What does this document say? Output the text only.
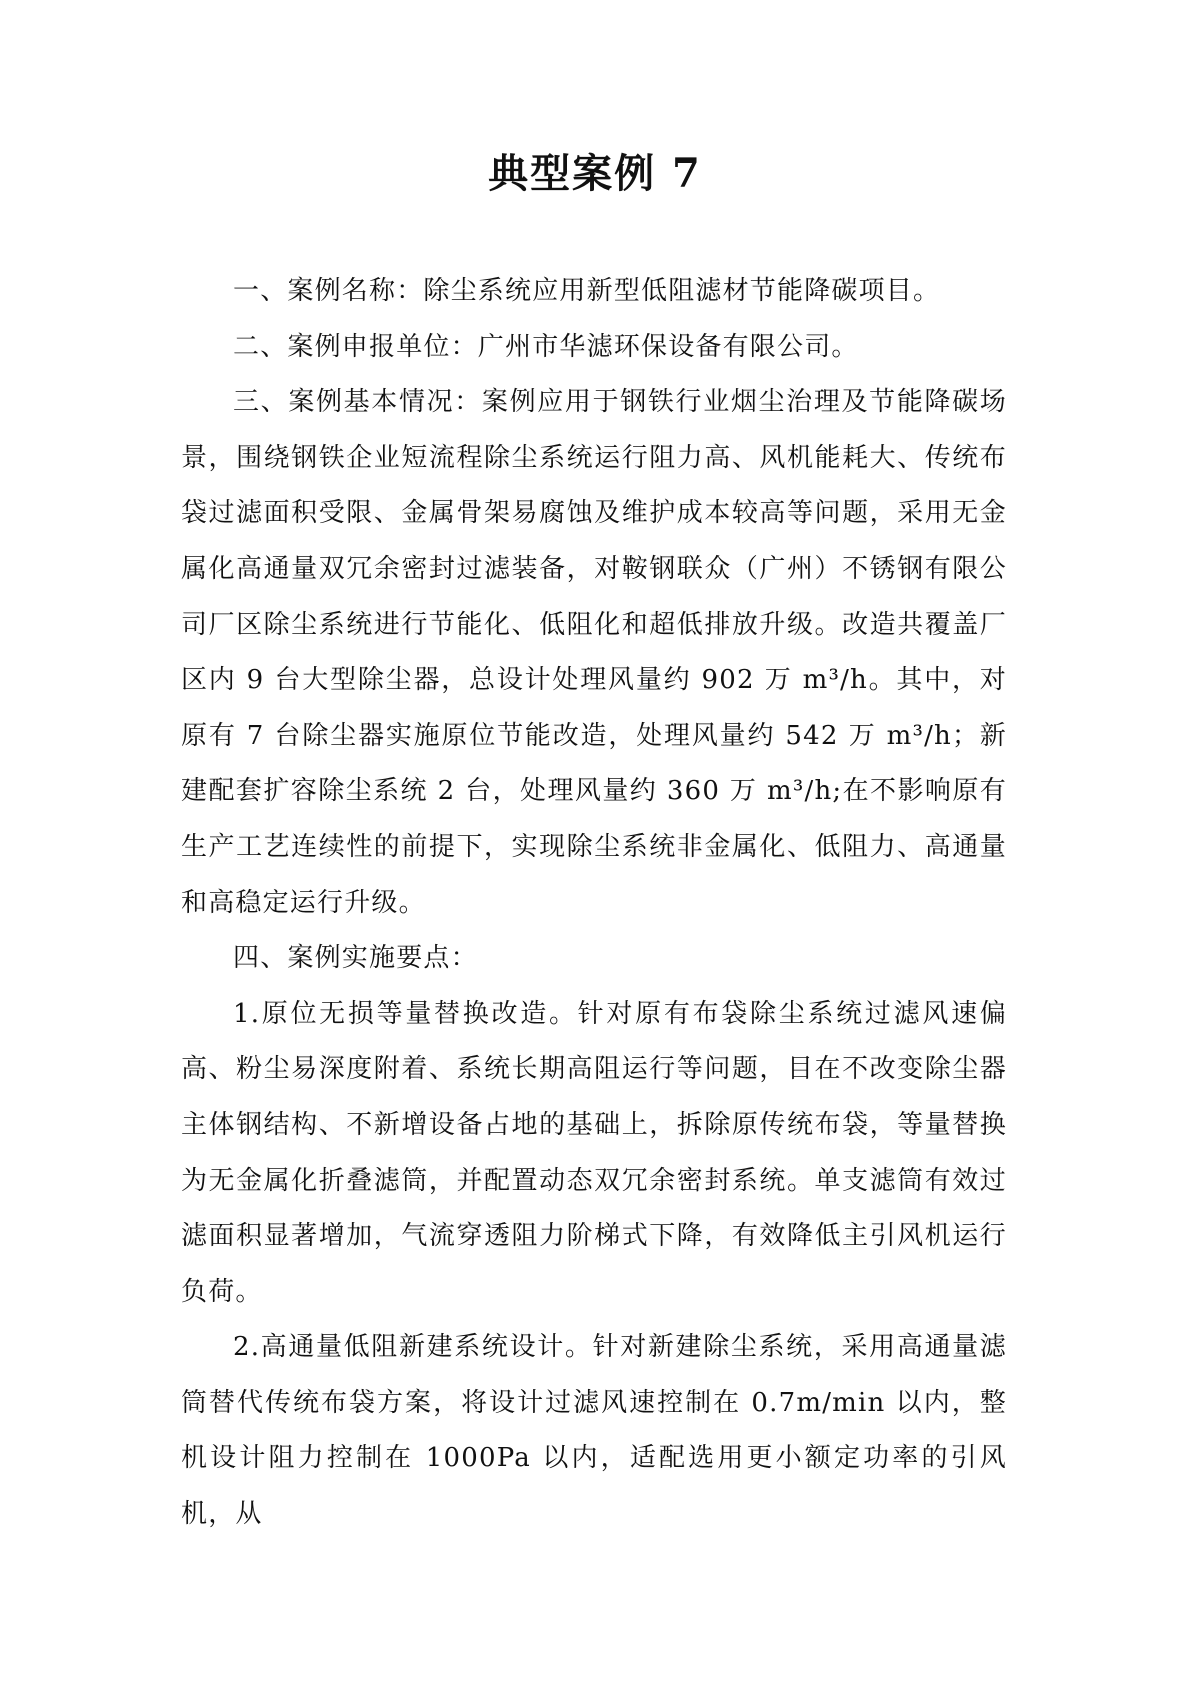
典型案例 7

一、案例名称：除尘系统应用新型低阻滤材节能降碳项目。

二、案例申报单位：广州市华滤环保设备有限公司。

三、案例基本情况：案例应用于钢铁行业烟尘治理及节能降碳场景，围绕钢铁企业短流程除尘系统运行阻力高、风机能耗大、传统布袋过滤面积受限、金属骨架易腐蚀及维护成本较高等问题，采用无金属化高通量双冗余密封过滤装备，对鞍钢联众（广州）不锈钢有限公司厂区除尘系统进行节能化、低阻化和超低排放升级。改造共覆盖厂区内 9 台大型除尘器，总设计处理风量约 902 万 m³/h。其中，对原有 7 台除尘器实施原位节能改造，处理风量约 542 万 m³/h；新建配套扩容除尘系统 2 台，处理风量约 360 万 m³/h;在不影响原有生产工艺连续性的前提下，实现除尘系统非金属化、低阻力、高通量和高稳定运行升级。

四、案例实施要点：

1.原位无损等量替换改造。针对原有布袋除尘系统过滤风速偏高、粉尘易深度附着、系统长期高阻运行等问题，目在不改变除尘器主体钢结构、不新增设备占地的基础上，拆除原传统布袋，等量替换为无金属化折叠滤筒，并配置动态双冗余密封系统。单支滤筒有效过滤面积显著增加，气流穿透阻力阶梯式下降，有效降低主引风机运行负荷。

2.高通量低阻新建系统设计。针对新建除尘系统，采用高通量滤筒替代传统布袋方案，将设计过滤风速控制在 0.7m/min 以内，整机设计阻力控制在 1000Pa 以内，适配选用更小额定功率的引风机，从
